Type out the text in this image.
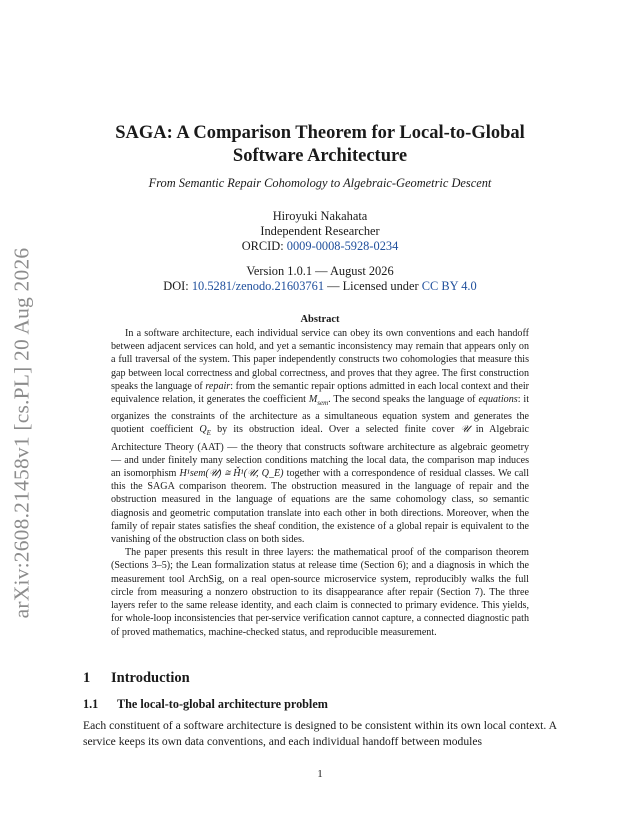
arXiv:2608.21458v1 [cs.PL] 20 Aug 2026
SAGA: A Comparison Theorem for Local-to-Global
Software Architecture
From Semantic Repair Cohomology to Algebraic-Geometric Descent
Hiroyuki Nakahata
Independent Researcher
ORCID: 0009-0008-5928-0234
Version 1.0.1 — August 2026
DOI: 10.5281/zenodo.21603761 — Licensed under CC BY 4.0
Abstract

In a software architecture, each individual service can obey its own conventions and each handoff between adjacent services can hold, and yet a semantic inconsistency may remain that appears only on a full traversal of the system. This paper independently constructs two cohomologies that measure this gap between local correctness and global correctness, and proves that they agree. The first construction speaks the language of repair: from the semantic repair options admitted in each local context and their equivalence relation, it generates the coefficient $M_{sem}$. The second speaks the language of equations: it organizes the constraints of the architecture as a simultaneous equation system and generates the quotient coefficient $Q_E$ by its obstruction ideal. Over a selected finite cover 𝒰 in Algebraic Architecture Theory (AAT) — the theory that constructs software architecture as algebraic geometry — and under finitely many selection conditions matching the local data, the comparison map induces an isomorphism H¹sem(𝒰) ≅ Ȟ¹(𝒰, Q_E) together with a correspondence of residual classes. We call this the SAGA comparison theorem. The obstruction measured in the language of repair and the obstruction measured in the language of equations are the same cohomology class, so semantic diagnosis and geometric computation translate into each other in both directions. Moreover, when the family of repair states satisfies the sheaf condition, the existence of a global repair is equivalent to the vanishing of the obstruction class on both sides.

The paper presents this result in three layers: the mathematical proof of the comparison theorem (Sections 3–5); the Lean formalization status at release time (Section 6); and a diagnosis in which the measurement tool ArchSig, on a real open-source microservice system, reproducibly walks the full circle from measuring a nonzero obstruction to its disappearance after repair (Section 7). The three layers refer to the same release identity, and each claim is connected to primary evidence. This yields, for whole-loop inconsistencies that per-service verification cannot capture, a connected diagnostic path of proved mathematics, machine-checked status, and reproducible measurement.

1 Introduction
1.1 The local-to-global architecture problem

Each constituent of a software architecture is designed to be consistent within its own local context. A service keeps its own data conventions, and each individual handoff between modules

1
